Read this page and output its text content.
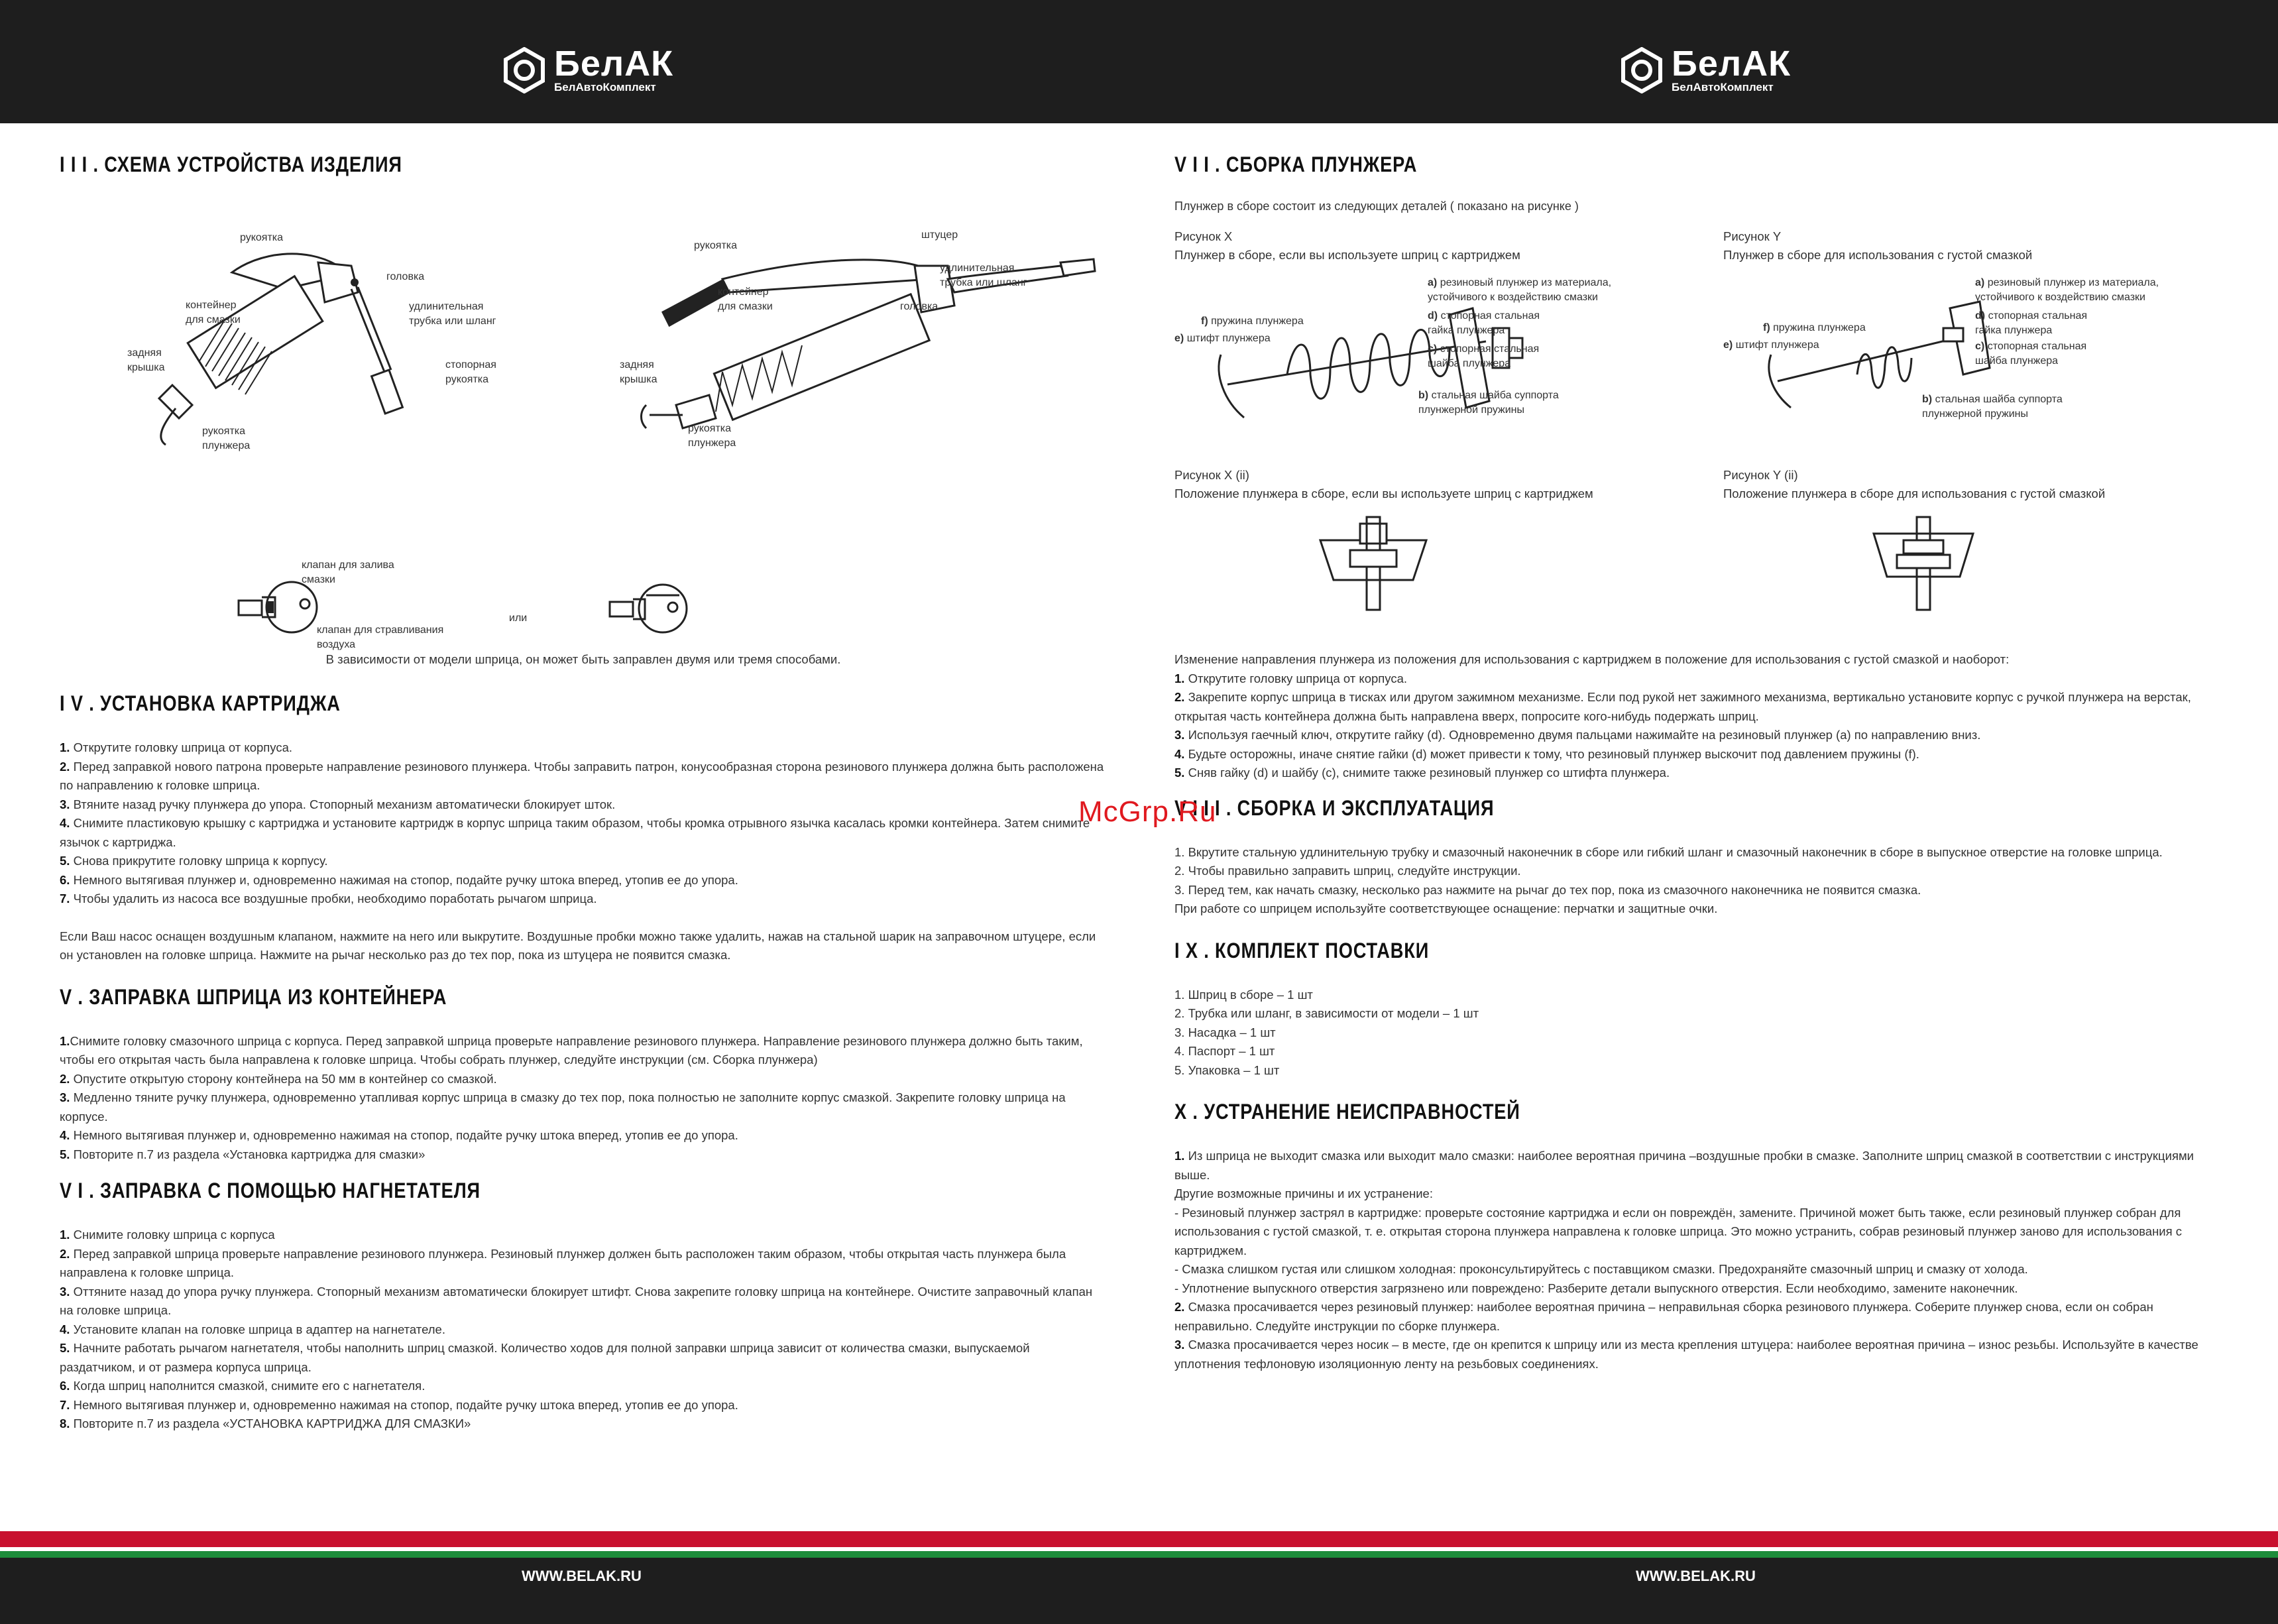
БелАК
БелАвтоКомплект
БелАК
БелАвтоКомплект
I I I . СХЕМА УСТРОЙСТВА ИЗДЕЛИЯ
рукоятка
головка
контейнер
для смазки
удлинительная
трубка или шланг
задняя
крышка	стопорная
рукоятка
рукоятка
плунжера
рукоятка
штуцер
удлинительная
трубка или шланг
контейнер
для смазки	головка
задняя
крышка
рукоятка
плунжера
клапан для залива
смазки
клапан для стравливания
воздуха
или
В зависимости от модели шприца, он может быть заправлен двумя или тремя способами.
I V . УСТАНОВКА КАРТРИДЖА

1. Открутите головку шприца от корпуса.

2. Перед заправкой нового патрона проверьте направление резинового плунжера. Чтобы заправить патрон, конусообразная сторона резинового плунжера должна быть расположена по направлению к головке шприца.

3. Втяните назад ручку плунжера до упора. Стопорный механизм автоматически блокирует шток.

4. Снимите пластиковую крышку с картриджа и установите картридж в корпус шприца таким образом, чтобы кромка отрывного язычка касалась кромки контейнера. Затем снимите язычок с картриджа.

5. Снова прикрутите головку шприца к корпусу.

6. Немного вытягивая плунжер и, одновременно нажимая на стопор, подайте ручку штока вперед, утопив ее до упора.

7. Чтобы удалить из насоса все воздушные пробки, необходимо поработать рычагом шприца.

Если Ваш насос оснащен воздушным клапаном, нажмите на него или выкрутите. Воздушные пробки можно также удалить, нажав на стальной шарик на заправочном штуцере, если он установлен на головке шприца. Нажмите на рычаг несколько раз до тех пор, пока из штуцера не появится смазка.

V . ЗАПРАВКА ШПРИЦА ИЗ КОНТЕЙНЕРА

1.Снимите головку смазочного шприца с корпуса. Перед заправкой шприца проверьте направление резинового плунжера. Направление резинового плунжера должно быть таким, чтобы его открытая часть была направлена к головке шприца. Чтобы собрать плунжер, следуйте инструкции (см. Сборка плунжера)

2. Опустите открытую сторону контейнера на 50 мм в контейнер со смазкой.

3. Медленно тяните ручку плунжера, одновременно утапливая корпус шприца в смазку до тех пор, пока полностью не заполните корпус смазкой. Закрепите головку шприца на корпусе.

4. Немного вытягивая плунжер и, одновременно нажимая на стопор, подайте ручку штока вперед, утопив ее до упора.

5. Повторите п.7 из раздела «Установка картриджа для смазки»

V I . ЗАПРАВКА С ПОМОЩЬЮ НАГНЕТАТЕЛЯ

1. Снимите головку шприца с корпуса

2. Перед заправкой шприца проверьте направление резинового плунжера. Резиновый плунжер должен быть расположен таким образом, чтобы открытая часть плунжера была направлена к головке шприца.

3. Оттяните назад до упора ручку плунжера. Стопорный механизм автоматически блокирует штифт. Снова закрепите головку шприца на контейнере. Очистите заправочный клапан на головке шприца.

4. Установите клапан на головке шприца в адаптер на нагнетателе.

5. Начните работать рычагом нагнетателя, чтобы наполнить шприц смазкой. Количество ходов для полной заправки шприца зависит от количества смазки, выпускаемой раздатчиком, и от размера корпуса шприца.

6. Когда шприц наполнится смазкой, снимите его с нагнетателя.

7. Немного вытягивая плунжер и, одновременно нажимая на стопор, подайте ручку штока вперед, утопив ее до упора.

8. Повторите п.7 из раздела «УСТАНОВКА КАРТРИДЖА ДЛЯ СМАЗКИ»

V I I . СБОРКА ПЛУНЖЕРА
Плунжер в сборе состоит из следующих деталей ( показано на рисунке )
Рисунок X
Плунжер в сборе, если вы используете шприц с картриджем
Рисунок Y
Плунжер в сборе для использования с густой смазкой
a) резиновый плунжер из материала,
устойчивого к воздействию смазки
d) стопорная стальная
гайка плунжера
c) стопорная стальная
шайба плунжера
f) пружина плунжера
e) штифт плунжера
b) стальная шайба суппорта
плунжерной пружины
a) резиновый плунжер из материала,
устойчивого к воздействию смазки
d) стопорная стальная
гайка плунжера
c) стопорная стальная
шайба плунжера
f) пружина плунжера
e) штифт плунжера
b) стальная шайба суппорта
плунжерной пружины
Рисунок X (ii)
Положение плунжера в сборе, если вы используете шприц с картриджем
Рисунок Y (ii)
Положение плунжера в сборе для использования с густой смазкой

Изменение направления плунжера из положения для использования с картриджем в положение для использования с густой смазкой и наоборот:

1. Открутите головку шприца от корпуса.

2. Закрепите корпус шприца в тисках или другом зажимном механизме. Если под рукой нет зажимного механизма, вертикально установите корпус с ручкой плунжера на верстак, открытая часть контейнера должна быть направлена вверх, попросите кого-нибудь подержать шприц.

3. Используя гаечный ключ, открутите гайку (d). Одновременно двумя пальцами нажимайте на резиновый плунжер (a) по направлению вниз.

4. Будьте осторожны, иначе снятие гайки (d) может привести к тому, что резиновый плунжер выскочит под давлением пружины (f).

5. Сняв гайку (d) и шайбу (c), снимите также резиновый плунжер со штифта плунжера.

V I I I . СБОРКА И ЭКСПЛУАТАЦИЯ

1. Вкрутите стальную удлинительную трубку и смазочный наконечник в сборе или гибкий шланг и смазочный наконечник в сборе в выпускное отверстие на головке шприца.

2. Чтобы правильно заправить шприц, следуйте инструкции.

3. Перед тем, как начать смазку, несколько раз нажмите на рычаг до тех пор, пока из смазочного наконечника не появится смазка.

При работе со шприцем используйте соответствующее оснащение: перчатки и защитные очки.

I X . КОМПЛЕКТ ПОСТАВКИ

1. Шприц в сборе – 1 шт

2. Трубка или шланг, в зависимости от модели – 1 шт

3. Насадка – 1 шт

4. Паспорт – 1 шт

5. Упаковка – 1 шт

X . УСТРАНЕНИЕ НЕИСПРАВНОСТЕЙ

1. Из шприца не выходит смазка или выходит мало смазки: наиболее вероятная причина –воздушные пробки в смазке. Заполните шприц смазкой в соответствии с инструкциями выше.

Другие возможные причины и их устранение:

- Резиновый плунжер застрял в картридже: проверьте состояние картриджа и если он повреждён, замените. Причиной может быть также, если резиновый плунжер собран для использования с густой смазкой, т. е. открытая сторона плунжера направлена к головке шприца. Это можно устранить, собрав резиновый плунжер заново для использования с картриджем.

- Смазка слишком густая или слишком холодная: проконсультируйтесь с поставщиком смазки. Предохраняйте смазочный шприц и смазку от холода.

- Уплотнение выпускного отверстия загрязнено или повреждено: Разберите детали выпускного отверстия. Если необходимо, замените наконечник.

2. Смазка просачивается через резиновый плунжер: наиболее вероятная причина – неправильная сборка резинового плунжера. Соберите плунжер снова, если он собран неправильно. Следуйте инструкции по сборке плунжера.

3. Смазка просачивается через носик – в месте, где он крепится к шприцу или из места крепления штуцера: наиболее вероятная причина – износ резьбы. Используйте в качестве уплотнения тефлоновую изоляционную ленту на резьбовых соединениях.

McGrp.Ru
WWW.BELAK.RU	WWW.BELAK.RU
